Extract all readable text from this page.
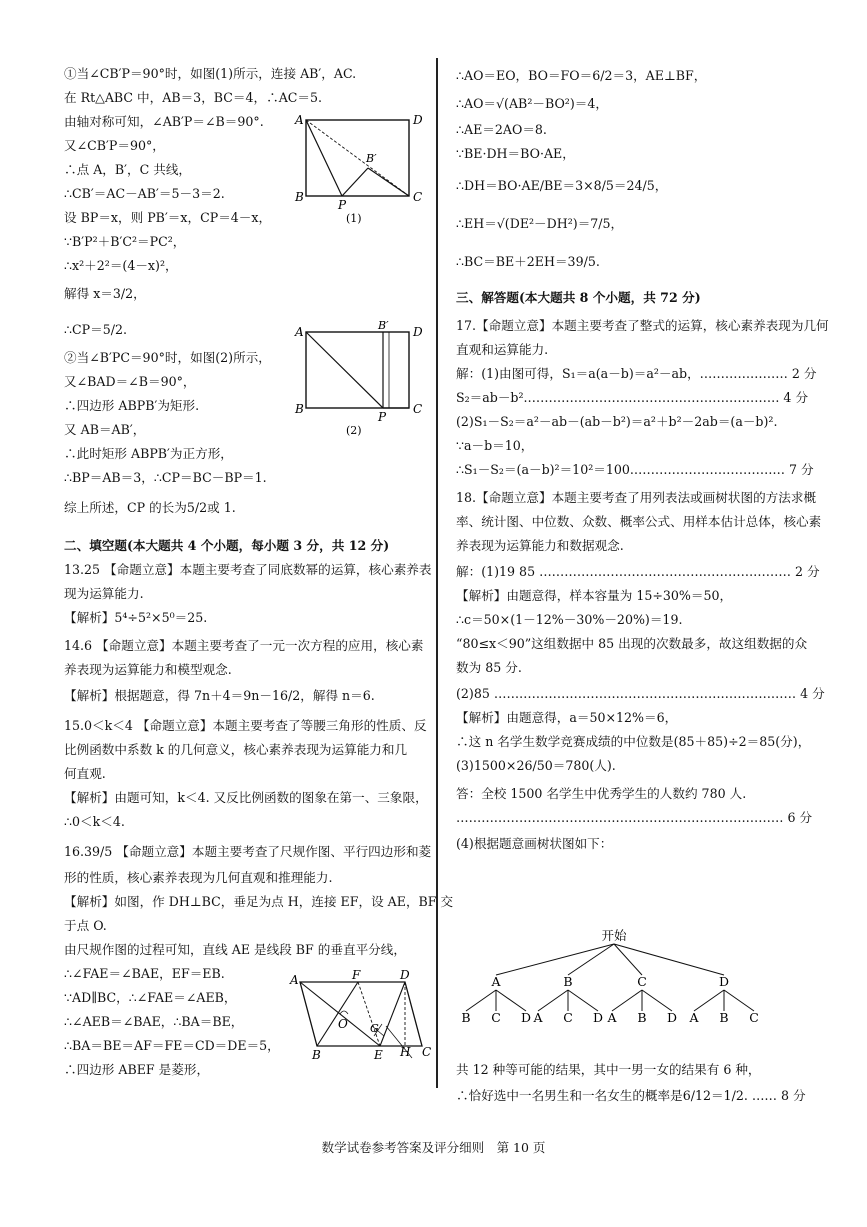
①当∠CB′P＝90°时，如图(1)所示，连接 AB′，AC.
在 Rt△ABC 中，AB＝3，BC＝4，∴AC＝5.
由轴对称可知，∠AB′P＝∠B＝90°.
又∠CB′P＝90°，
∴点 A，B′，C 共线，
∴CB′＝AC－AB′＝5－3＝2.
设 BP＝x，则 PB′＝x，CP＝4－x，
∵B′P²＋B′C²＝PC²，
∴x²＋2²＝(4－x)²，
解得 x＝3/2，
∴CP＝5/2.
②当∠B′PC＝90°时，如图(2)所示，
又∠BAD＝∠B＝90°，
∴四边形 ABPB′为矩形.
又 AB＝AB′，
∴此时矩形 ABPB′为正方形，
∴BP＝AB＝3，∴CP＝BC－BP＝1.
综上所述，CP 的长为5/2或 1.
二、填空题(本大题共 4 个小题，每小题 3 分，共 12 分)
13.25 【命题立意】本题主要考查了同底数幂的运算，核心素养表
现为运算能力.
【解析】5⁴÷5²×5⁰＝25.
14.6 【命题立意】本题主要考查了一元一次方程的应用，核心素
养表现为运算能力和模型观念.
【解析】根据题意，得 7n＋4＝9n－16/2，解得 n＝6.
15.0＜k＜4 【命题立意】本题主要考查了等腰三角形的性质、反
比例函数中系数 k 的几何意义，核心素养表现为运算能力和几
何直观.
【解析】由题可知，k＜4. 又反比例函数的图象在第一、三象限，
∴0＜k＜4.
16.39/5 【命题立意】本题主要考查了尺规作图、平行四边形和菱
形的性质，核心素养表现为几何直观和推理能力.
【解析】如图，作 DH⊥BC，垂足为点 H，连接 EF，设 AE，BF 交
于点 O.
由尺规作图的过程可知，直线 AE 是线段 BF 的垂直平分线，
∴∠FAE＝∠BAE，EF＝EB.
∵AD∥BC，∴∠FAE＝∠AEB，
∴∠AEB＝∠BAE，∴BA＝BE，
∴BA＝BE＝AF＝FE＝CD＝DE＝5，
∴四边形 ABEF 是菱形，
∴AO＝EO，BO＝FO＝6/2＝3，AE⊥BF，
∴AO＝√(AB²－BO²)＝4，
∴AE＝2AO＝8.
∵BE·DH＝BO·AE，
∴DH＝BO·AE/BE＝3×8/5＝24/5，
∴EH＝√(DE²－DH²)＝7/5，
∴BC＝BE＋2EH＝39/5.
三、解答题(本大题共 8 个小题，共 72 分)
17.【命题立意】本题主要考查了整式的运算，核心素养表现为几何
直观和运算能力.
解：(1)由图可得，S₁＝a(a－b)＝a²－ab，………………… 2 分
S₂＝ab－b².…………………………………………………… 4 分
(2)S₁－S₂＝a²－ab－(ab－b²)＝a²＋b²－2ab＝(a－b)².
∵a－b＝10，
∴S₁－S₂＝(a－b)²＝10²＝100.……………………………… 7 分
18.【命题立意】本题主要考查了用列表法或画树状图的方法求概
率、统计图、中位数、众数、概率公式、用样本估计总体，核心素
养表现为运算能力和数据观念.
解：(1)19 85 …………………………………………………… 2 分
【解析】由题意得，样本容量为 15÷30%＝50，
∴c＝50×(1－12%－30%－20%)＝19.
“80≤x＜90”这组数据中 85 出现的次数最多，故这组数据的众
数为 85 分.
(2)85 ……………………………………………………………… 4 分
【解析】由题意得，a＝50×12%＝6，
∴这 n 名学生数学竞赛成绩的中位数是(85＋85)÷2＝85(分)，
(3)1500×26/50＝780(人).
答：全校 1500 名学生中优秀学生的人数约 780 人.
…………………………………………………………………… 6 分
(4)根据题意画树状图如下：
共 12 种等可能的结果，其中一男一女的结果有 6 种，
∴恰好选中一名男生和一名女生的概率是6/12＝1/2. …… 8 分
A	D
B′
B
P
C
(1)
A	B′ D
B
P
C
(2)
A	F	D
O G
B	E H C
开始
A
B C D
B
A C D
C
A B D
D
A B C
数学试卷参考答案及评分细则　第 10 页
